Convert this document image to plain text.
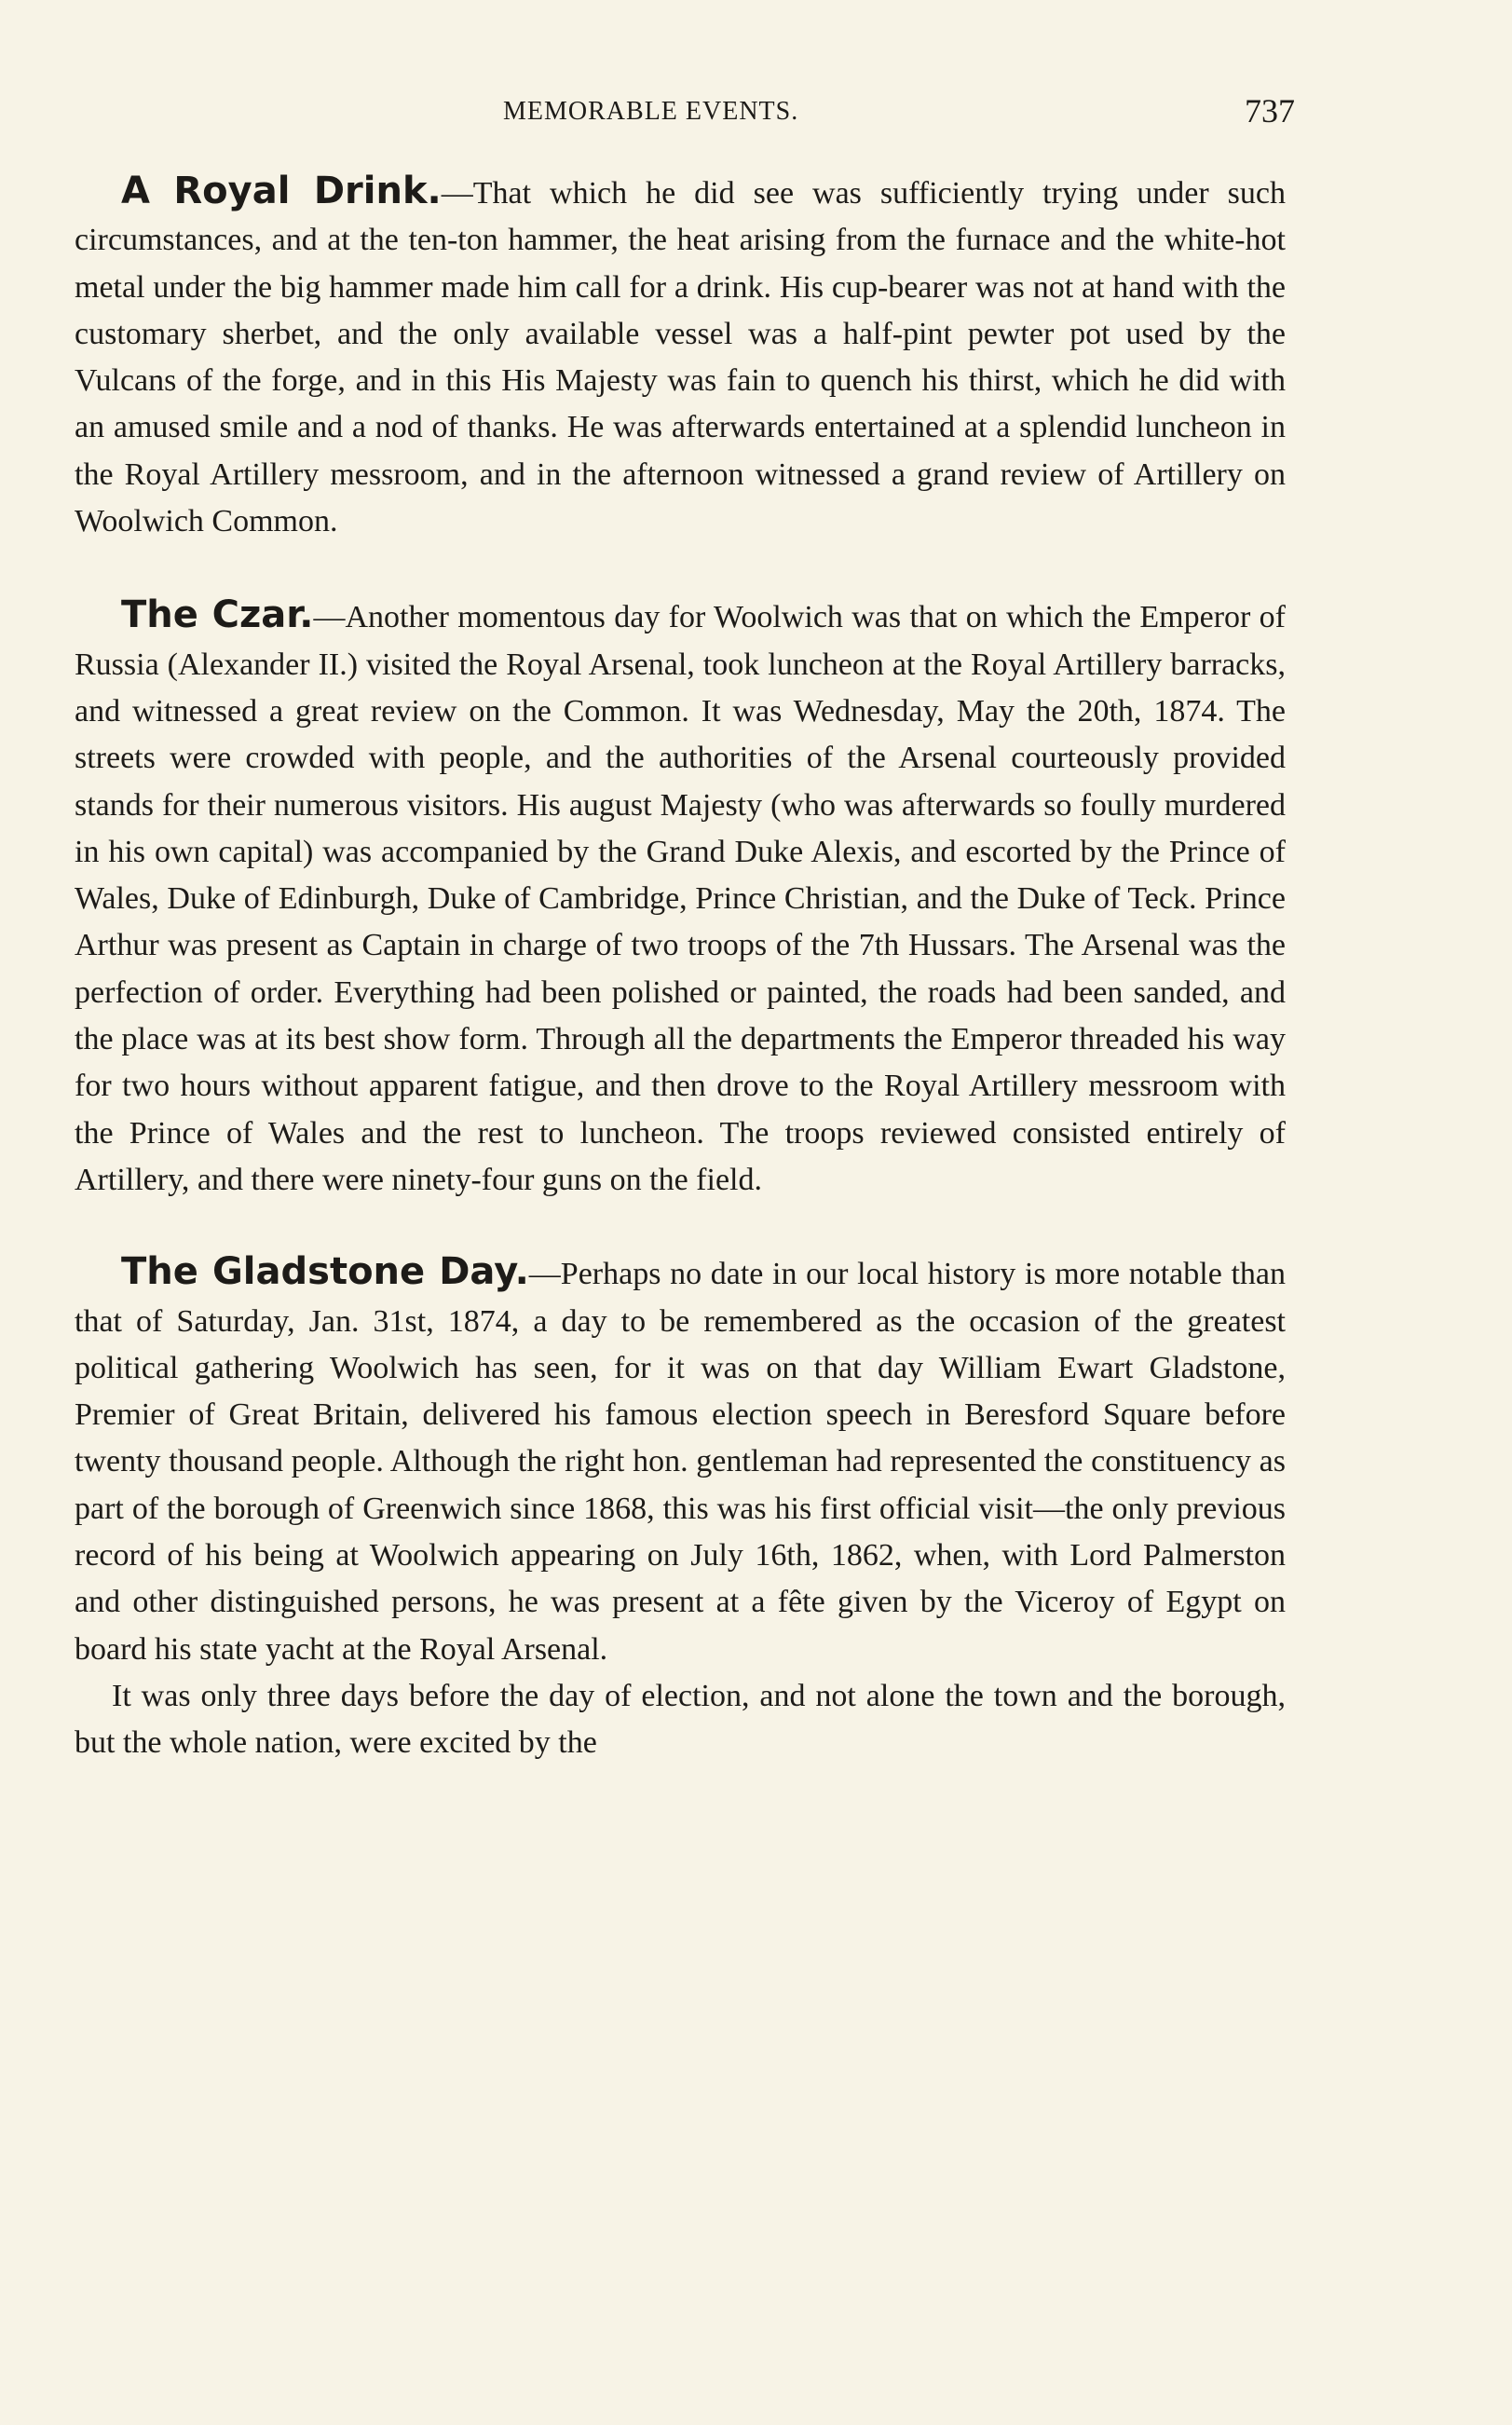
MEMORABLE EVENTS.	737

A Royal Drink.—That which he did see was sufficiently trying under such circumstances, and at the ten-ton hammer, the heat arising from the furnace and the white-hot metal under the big hammer made him call for a drink. His cup-bearer was not at hand with the customary sherbet, and the only available vessel was a half-pint pewter pot used by the Vulcans of the forge, and in this His Majesty was fain to quench his thirst, which he did with an amused smile and a nod of thanks. He was afterwards entertained at a splendid luncheon in the Royal Artillery messroom, and in the afternoon witnessed a grand review of Artillery on Woolwich Common.

The Czar.—Another momentous day for Woolwich was that on which the Emperor of Russia (Alexander II.) visited the Royal Arsenal, took luncheon at the Royal Artillery barracks, and witnessed a great review on the Common. It was Wednesday, May the 20th, 1874. The streets were crowded with people, and the authorities of the Arsenal courteously provided stands for their numerous visitors. His august Majesty (who was afterwards so foully murdered in his own capital) was accompanied by the Grand Duke Alexis, and escorted by the Prince of Wales, Duke of Edinburgh, Duke of Cambridge, Prince Christian, and the Duke of Teck. Prince Arthur was present as Captain in charge of two troops of the 7th Hussars. The Arsenal was the perfection of order. Everything had been polished or painted, the roads had been sanded, and the place was at its best show form. Through all the departments the Emperor threaded his way for two hours without apparent fatigue, and then drove to the Royal Artillery messroom with the Prince of Wales and the rest to luncheon. The troops reviewed consisted entirely of Artillery, and there were ninety-four guns on the field.

The Gladstone Day.—Perhaps no date in our local history is more notable than that of Saturday, Jan. 31st, 1874, a day to be remembered as the occasion of the greatest political gathering Woolwich has seen, for it was on that day William Ewart Gladstone, Premier of Great Britain, delivered his famous election speech in Beresford Square before twenty thousand people. Although the right hon. gentleman had represented the constituency as part of the borough of Greenwich since 1868, this was his first official visit—the only previous record of his being at Woolwich appearing on July 16th, 1862, when, with Lord Palmerston and other distinguished persons, he was present at a fête given by the Viceroy of Egypt on board his state yacht at the Royal Arsenal.

It was only three days before the day of election, and not alone the town and the borough, but the whole nation, were excited by the
